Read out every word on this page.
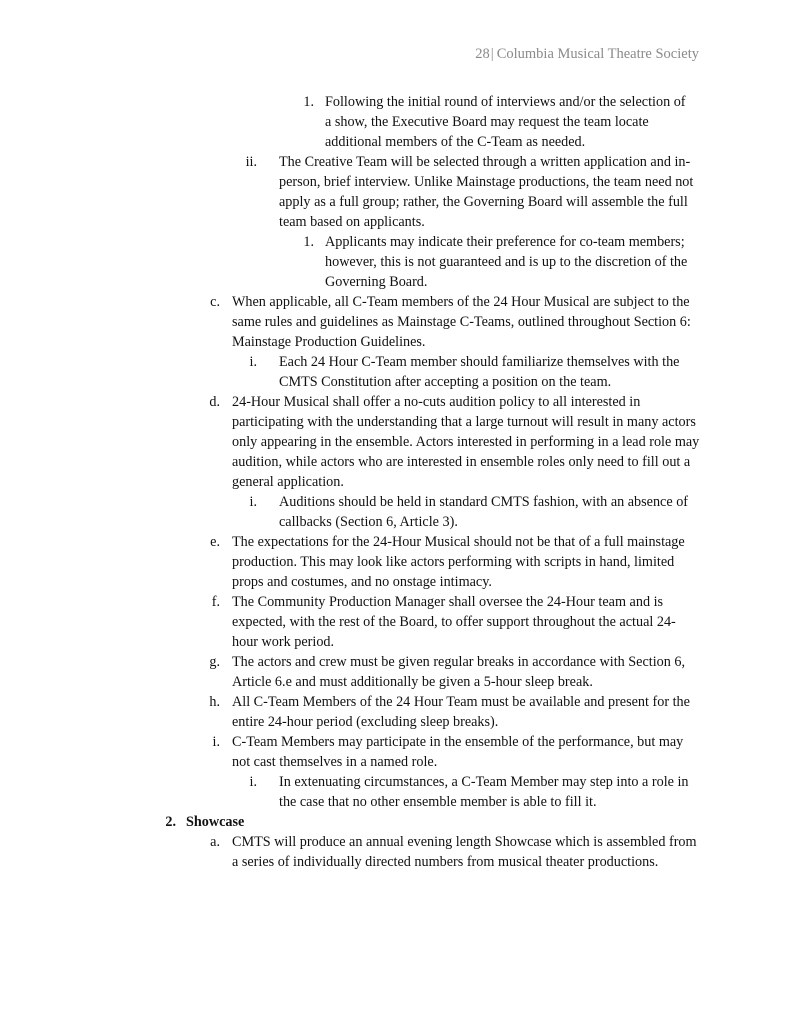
28| Columbia Musical Theatre Society
1. Following the initial round of interviews and/or the selection of a show, the Executive Board may request the team locate additional members of the C-Team as needed.
ii. The Creative Team will be selected through a written application and in-person, brief interview. Unlike Mainstage productions, the team need not apply as a full group; rather, the Governing Board will assemble the full team based on applicants.
1. Applicants may indicate their preference for co-team members; however, this is not guaranteed and is up to the discretion of the Governing Board.
c. When applicable, all C-Team members of the 24 Hour Musical are subject to the same rules and guidelines as Mainstage C-Teams, outlined throughout Section 6: Mainstage Production Guidelines.
i. Each 24 Hour C-Team member should familiarize themselves with the CMTS Constitution after accepting a position on the team.
d. 24-Hour Musical shall offer a no-cuts audition policy to all interested in participating with the understanding that a large turnout will result in many actors only appearing in the ensemble. Actors interested in performing in a lead role may audition, while actors who are interested in ensemble roles only need to fill out a general application.
i. Auditions should be held in standard CMTS fashion, with an absence of callbacks (Section 6, Article 3).
e. The expectations for the 24-Hour Musical should not be that of a full mainstage production. This may look like actors performing with scripts in hand, limited props and costumes, and no onstage intimacy.
f. The Community Production Manager shall oversee the 24-Hour team and is expected, with the rest of the Board, to offer support throughout the actual 24-hour work period.
g. The actors and crew must be given regular breaks in accordance with Section 6, Article 6.e and must additionally be given a 5-hour sleep break.
h. All C-Team Members of the 24 Hour Team must be available and present for the entire 24-hour period (excluding sleep breaks).
i. C-Team Members may participate in the ensemble of the performance, but may not cast themselves in a named role.
i. In extenuating circumstances, a C-Team Member may step into a role in the case that no other ensemble member is able to fill it.
2. Showcase
a. CMTS will produce an annual evening length Showcase which is assembled from a series of individually directed numbers from musical theater productions.
